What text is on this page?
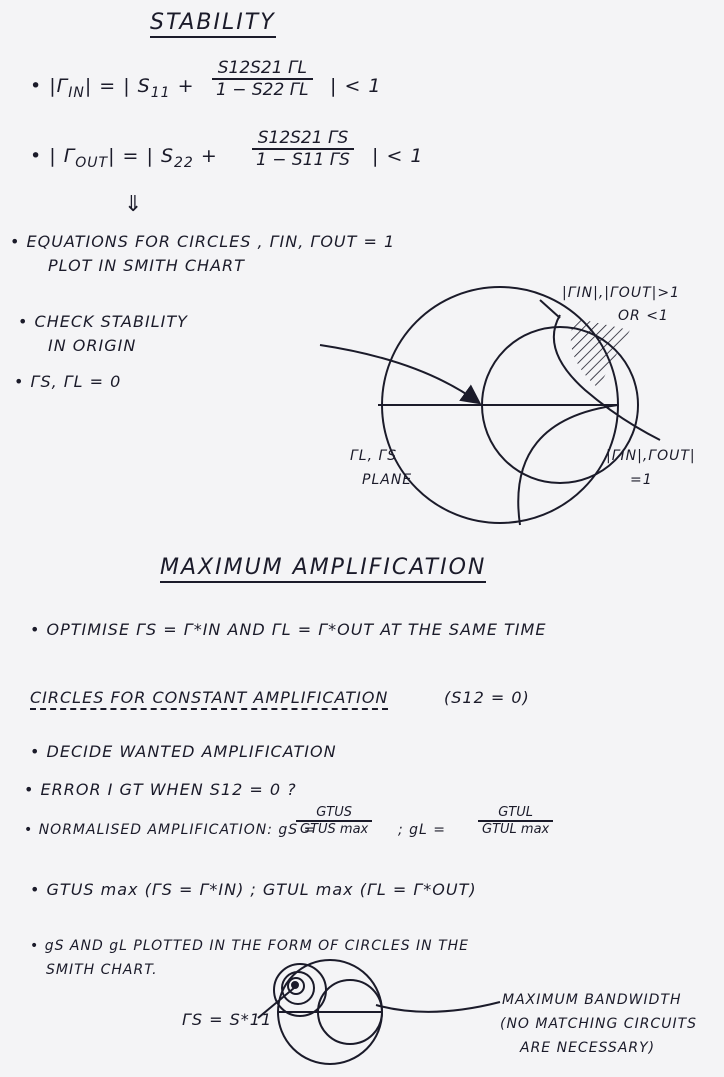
STABILITY
• $|\Gamma_{IN}|$ = | $S_{11} + \frac{S12S21 \Gamma L}{1 - S22 \Gamma L}$ | < 1
• | $\Gamma_{OUT}|$ = | $S_{22} + \frac{S12S21 \Gamma S}{1 - S11 \Gamma S}$ | < 1
⇓
• EQUATIONS FOR CIRCLES , ΓIN, ΓOUT = 1
PLOT IN SMITH CHART
• CHECK STABILITY
IN ORIGIN
• ΓS, ΓL = 0
|ΓIN|,|ΓOUT|>1
OR <1
ΓL, ΓS
PLANE
|ΓIN|,ΓOUT|
=1
MAXIMUM AMPLIFICATION
• OPTIMISE ΓS = Γ*IN AND ΓL = Γ*OUT AT THE SAME TIME
CIRCLES FOR CONSTANT AMPLIFICATION	(S12 = 0)
• DECIDE WANTED AMPLIFICATION
• ERROR I GT WHEN S12 = 0 ?
• NORMALISED AMPLIFICATION: gS =
GTUS
GTUS max ; gL =
GTUL
GTUL max
• GTUS max (ΓS = Γ*IN) ; GTUL max (ΓL = Γ*OUT)
• gS AND gL PLOTTED IN THE FORM OF CIRCLES IN THE
SMITH CHART.
ΓS = S*11
MAXIMUM BANDWIDTH
(NO MATCHING CIRCUITS
ARE NECESSARY)
